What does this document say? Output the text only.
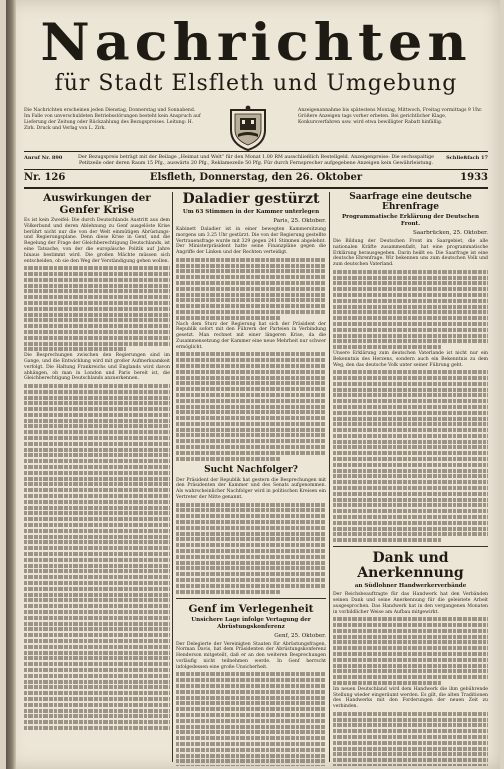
Nachrichten
für Stadt Elsfleth und Umgebung
Die Nachrichten erscheinen jeden Dienstag, Donnerstag und Sonnabend. Im Falle von unverschuldeten Betriebsstörungen besteht kein Anspruch auf Lieferung der Zeitung oder Rückzahlung des Bezugspreises. Leitung: H. Zirk. Druck und Verlag von L. Zirk.
Anzeigenannahme bis spätestens Montag, Mittwoch, Freitag vormittags 9 Uhr. Größere Anzeigen tags vorher erbeten. Bei gerichtlicher Klage, Konkursverfahren usw. wird etwa bewilligter Rabatt hinfällig.
Anruf Nr. 890	Schließfach 17
Der Bezugspreis beträgt mit der Beilage „Heimat und Welt“ für den Monat 1.00 RM ausschließlich Bestellgeld. Anzeigenpreise: Die sechsspaltige Petitzeile oder deren Raum 15 Pfg., auswärts 20 Pfg., Reklamezeile 50 Pfg. Für durch Fernsprecher aufgegebene Anzeigen kein Gewährleistung.
Elsfleth, Donnerstag, den 26. Oktober
Nr. 126	1933
Auswirkungen der Genfer Krise

Es ist kein Zweifel: Die durch Deutschlands Austritt aus dem Völkerbund und deren Ablehnung zu Genf ausgelöste Krise berührt nicht nur die von der Welt einmütigen Abrüstungs- und Regierungsplane. Denn diese Krise in Genf, und die Regelung der Frage der Gleichberechtigung Deutschlands, ist eine Tatsache, von der die europäische Politik auf Jahre hinaus bestimmt wird. Die großen Mächte müssen sich entscheiden, ob sie den Weg der Verständigung gehen wollen.

Die Besprechungen zwischen den Regierungen sind im Gange, und die Entwicklung wird mit großer Aufmerksamkeit verfolgt. Die Haltung Frankreichs und Englands wird davon abhängen, ob man in London und Paris bereit ist, die Gleichberechtigung Deutschlands anzuerkennen.

Daladier gestürzt
Um 63 Stimmen in der Kammer unterlegen
Paris, 25. Oktober.

Kabinett Daladier ist in einer bewegten Kammersitzung morgens um 3.25 Uhr gestürzt. Die von der Regierung gestellte Vertrauensfrage wurde mit 329 gegen 241 Stimmen abgelehnt. Der Ministerpräsident hatte seine Finanzpläne gegen die Angriffe der Linken und der Rechten verteidigt.

Nach dem Sturz der Regierung hat sich der Präsident der Republik sofort mit den Führern der Parteien in Verbindung gesetzt. Man rechnet mit einer längeren Krise, da die Zusammensetzung der Kammer eine neue Mehrheit nur schwer ermöglicht.

Sucht Nachfolger?

Der Präsident der Republik hat gestern die Besprechungen mit den Präsidenten der Kammer und des Senats aufgenommen. Als wahrscheinlicher Nachfolger wird in politischen Kreisen ein Vertreter der Mitte genannt.

Genf im Verlegenheit
Unsichere Lage infolge Vertagung der Abrüstungskonferenz
Genf, 25. Oktober.

Der Delegierte der Vereinigten Staaten für Abrüstungsfragen, Norman Davis, hat dem Präsidenten der Abrüstungskonferenz Henderson mitgeteilt, daß er an den weiteren Besprechungen vorläufig nicht teilnehmen werde. In Genf herrscht infolgedessen eine große Unsicherheit.

Saarfrage eine deutsche Ehrenfrage
Programmatische Erklärung der Deutschen Front.
Saarbrücken, 25. Oktober.

Die Bildung der Deutschen Front im Saargebiet, die alle nationalen Kräfte zusammenfaßt, hat eine programmatische Erklärung herausgegeben. Darin heißt es: Die Saarfrage ist eine deutsche Ehrenfrage. Wir bekennen uns zum deutschen Volk und zum deutschen Vaterland.

Unsere Erklärung zum deutschen Vaterlande ist nicht nur ein Bekenntnis des Herzens, sondern auch ein Bekenntnis zu dem Weg, den das deutsche Volk unter seiner Führung geht.

Dank und Anerkennung
an Südlohner Handwerkerverbände

Der Reichsbeauftragte für das Handwerk hat den Verbänden seinen Dank und seine Anerkennung für die geleistete Arbeit ausgesprochen. Das Handwerk hat in den vergangenen Monaten in vorbildlicher Weise am Aufbau mitgewirkt.

Im neuen Deutschland wird dem Handwerk die ihm gebührende Stellung wieder eingeräumt werden. Es gilt, die alten Traditionen des Handwerks mit den Forderungen der neuen Zeit zu verbinden.
